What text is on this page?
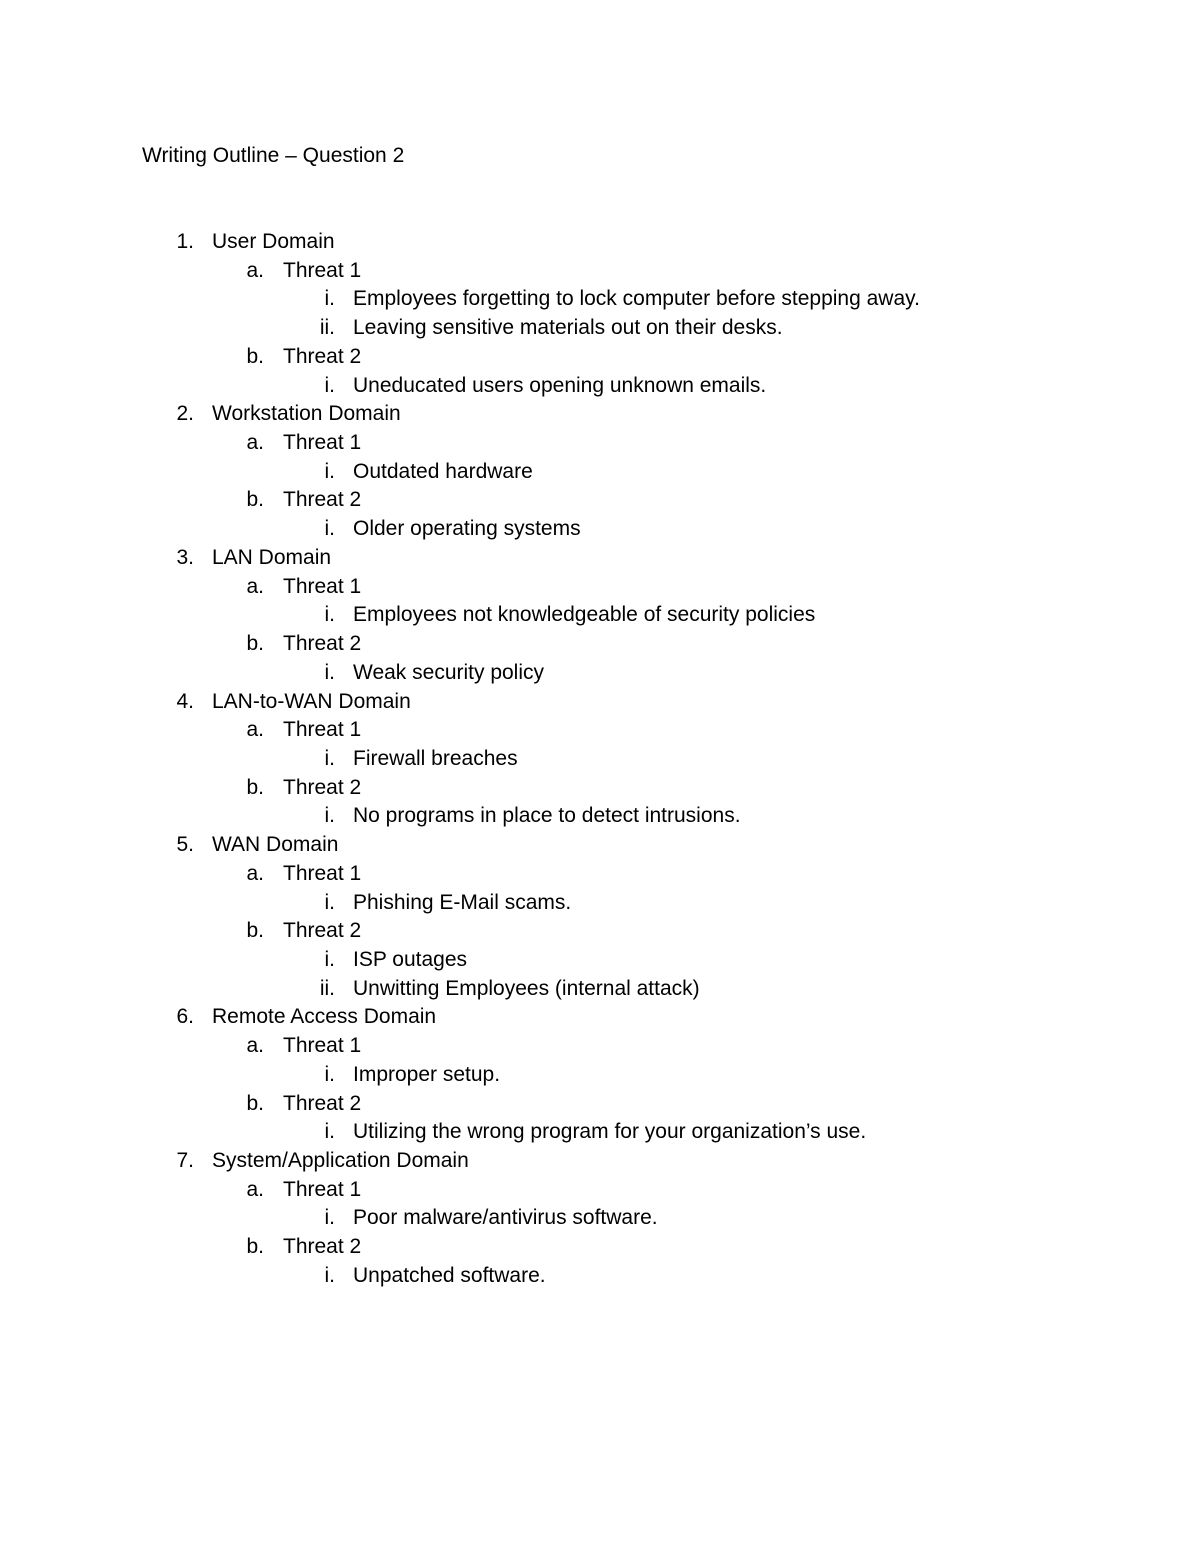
Writing Outline – Question 2
1. User Domain
a. Threat 1
i. Employees forgetting to lock computer before stepping away.
ii. Leaving sensitive materials out on their desks.
b. Threat 2
i. Uneducated users opening unknown emails.
2. Workstation Domain
a. Threat 1
i. Outdated hardware
b. Threat 2
i. Older operating systems
3. LAN Domain
a. Threat 1
i. Employees not knowledgeable of security policies
b. Threat 2
i. Weak security policy
4. LAN-to-WAN Domain
a. Threat 1
i. Firewall breaches
b. Threat 2
i. No programs in place to detect intrusions.
5. WAN Domain
a. Threat 1
i. Phishing E-Mail scams.
b. Threat 2
i. ISP outages
ii. Unwitting Employees (internal attack)
6. Remote Access Domain
a. Threat 1
i. Improper setup.
b. Threat 2
i. Utilizing the wrong program for your organization’s use.
7. System/Application Domain
a. Threat 1
i. Poor malware/antivirus software.
b. Threat 2
i. Unpatched software.
